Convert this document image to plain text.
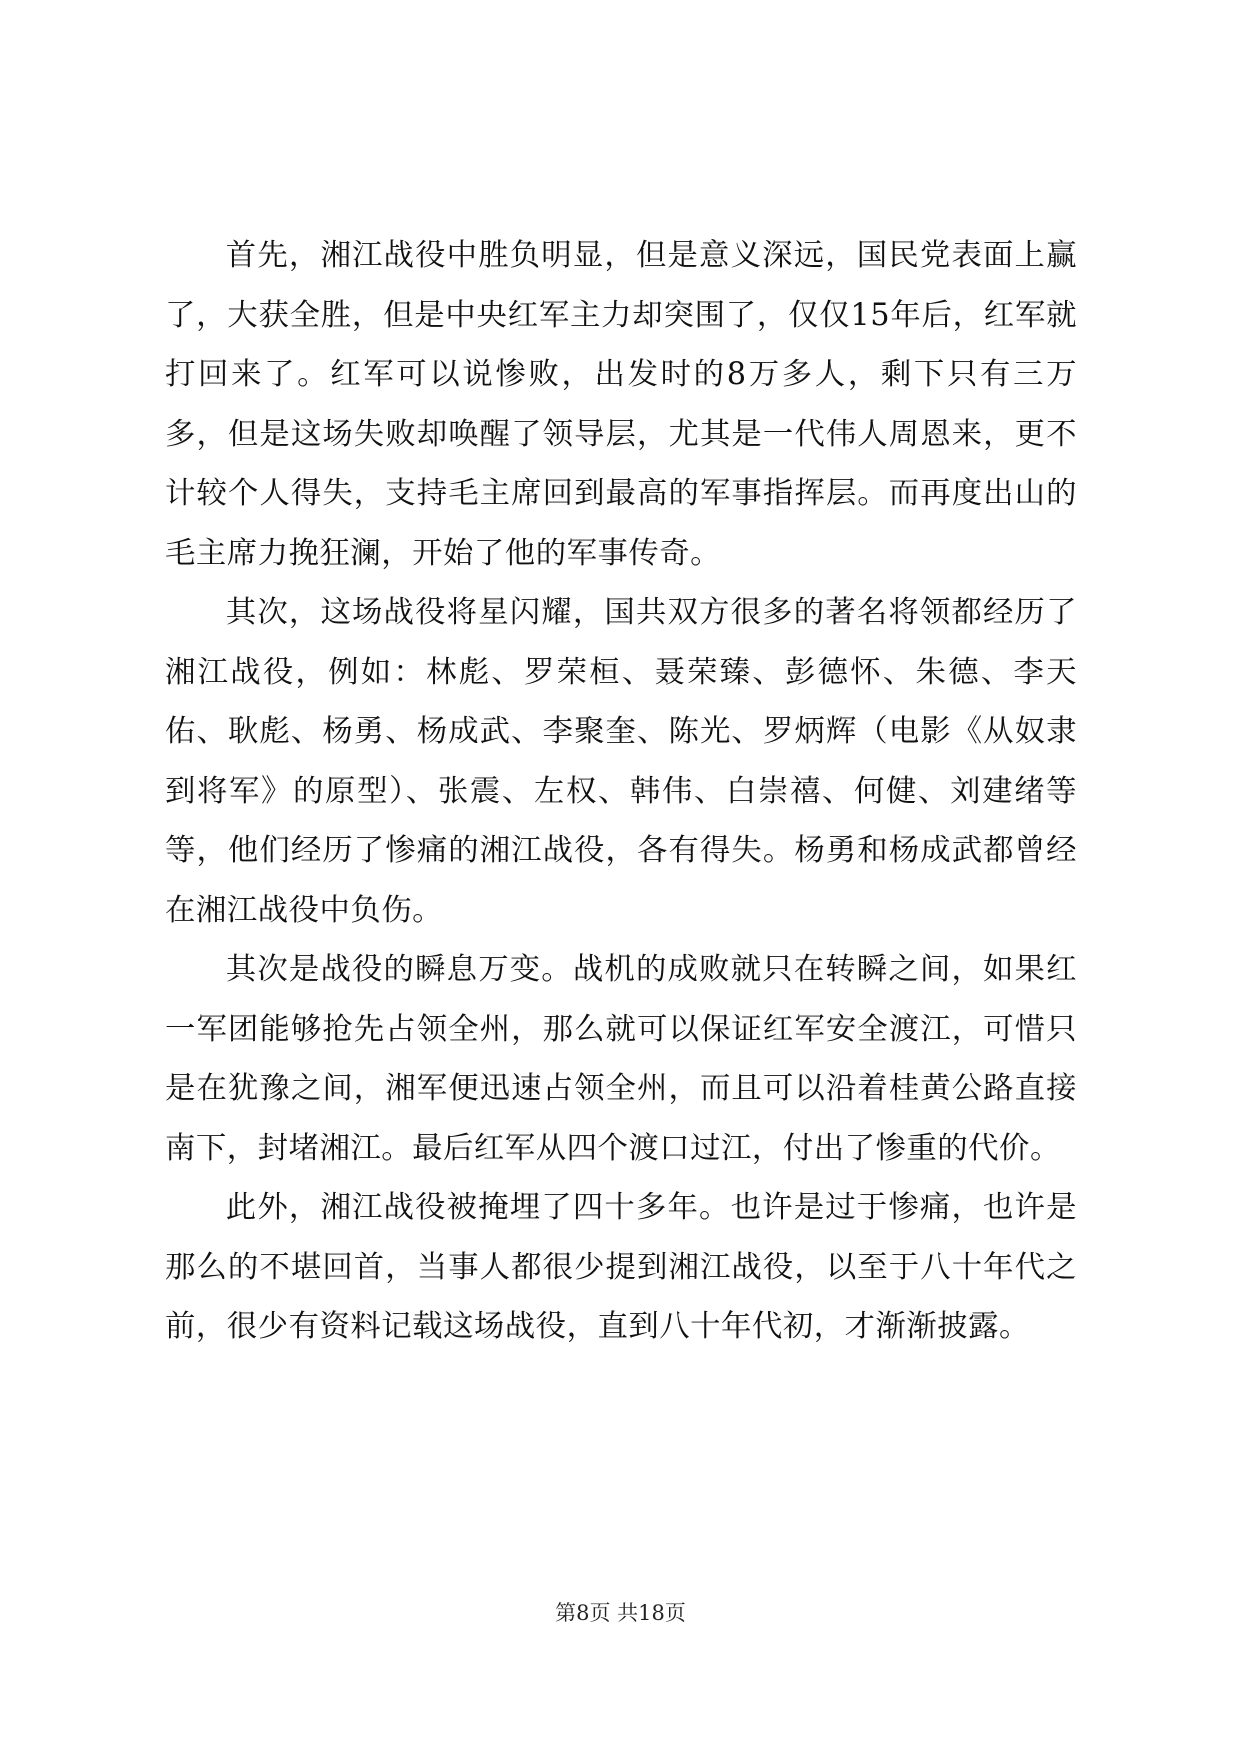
首先，湘江战役中胜负明显，但是意义深远，国民党表面上赢了，大获全胜，但是中央红军主力却突围了，仅仅15年后，红军就打回来了。红军可以说惨败，出发时的8万多人，剩下只有三万多，但是这场失败却唤醒了领导层，尤其是一代伟人周恩来，更不计较个人得失，支持毛主席回到最高的军事指挥层。而再度出山的毛主席力挽狂澜，开始了他的军事传奇。

其次，这场战役将星闪耀，国共双方很多的著名将领都经历了湘江战役，例如：林彪、罗荣桓、聂荣臻、彭德怀、朱德、李天佑、耿彪、杨勇、杨成武、李聚奎、陈光、罗炳辉（电影《从奴隶到将军》的原型）、张震、左权、韩伟、白崇禧、何健、刘建绪等等，他们经历了惨痛的湘江战役，各有得失。杨勇和杨成武都曾经在湘江战役中负伤。

其次是战役的瞬息万变。战机的成败就只在转瞬之间，如果红一军团能够抢先占领全州，那么就可以保证红军安全渡江，可惜只是在犹豫之间，湘军便迅速占领全州，而且可以沿着桂黄公路直接南下，封堵湘江。最后红军从四个渡口过江，付出了惨重的代价。

此外，湘江战役被掩埋了四十多年。也许是过于惨痛，也许是那么的不堪回首，当事人都很少提到湘江战役，以至于八十年代之前，很少有资料记载这场战役，直到八十年代初，才渐渐披露。

第8页 共18页
